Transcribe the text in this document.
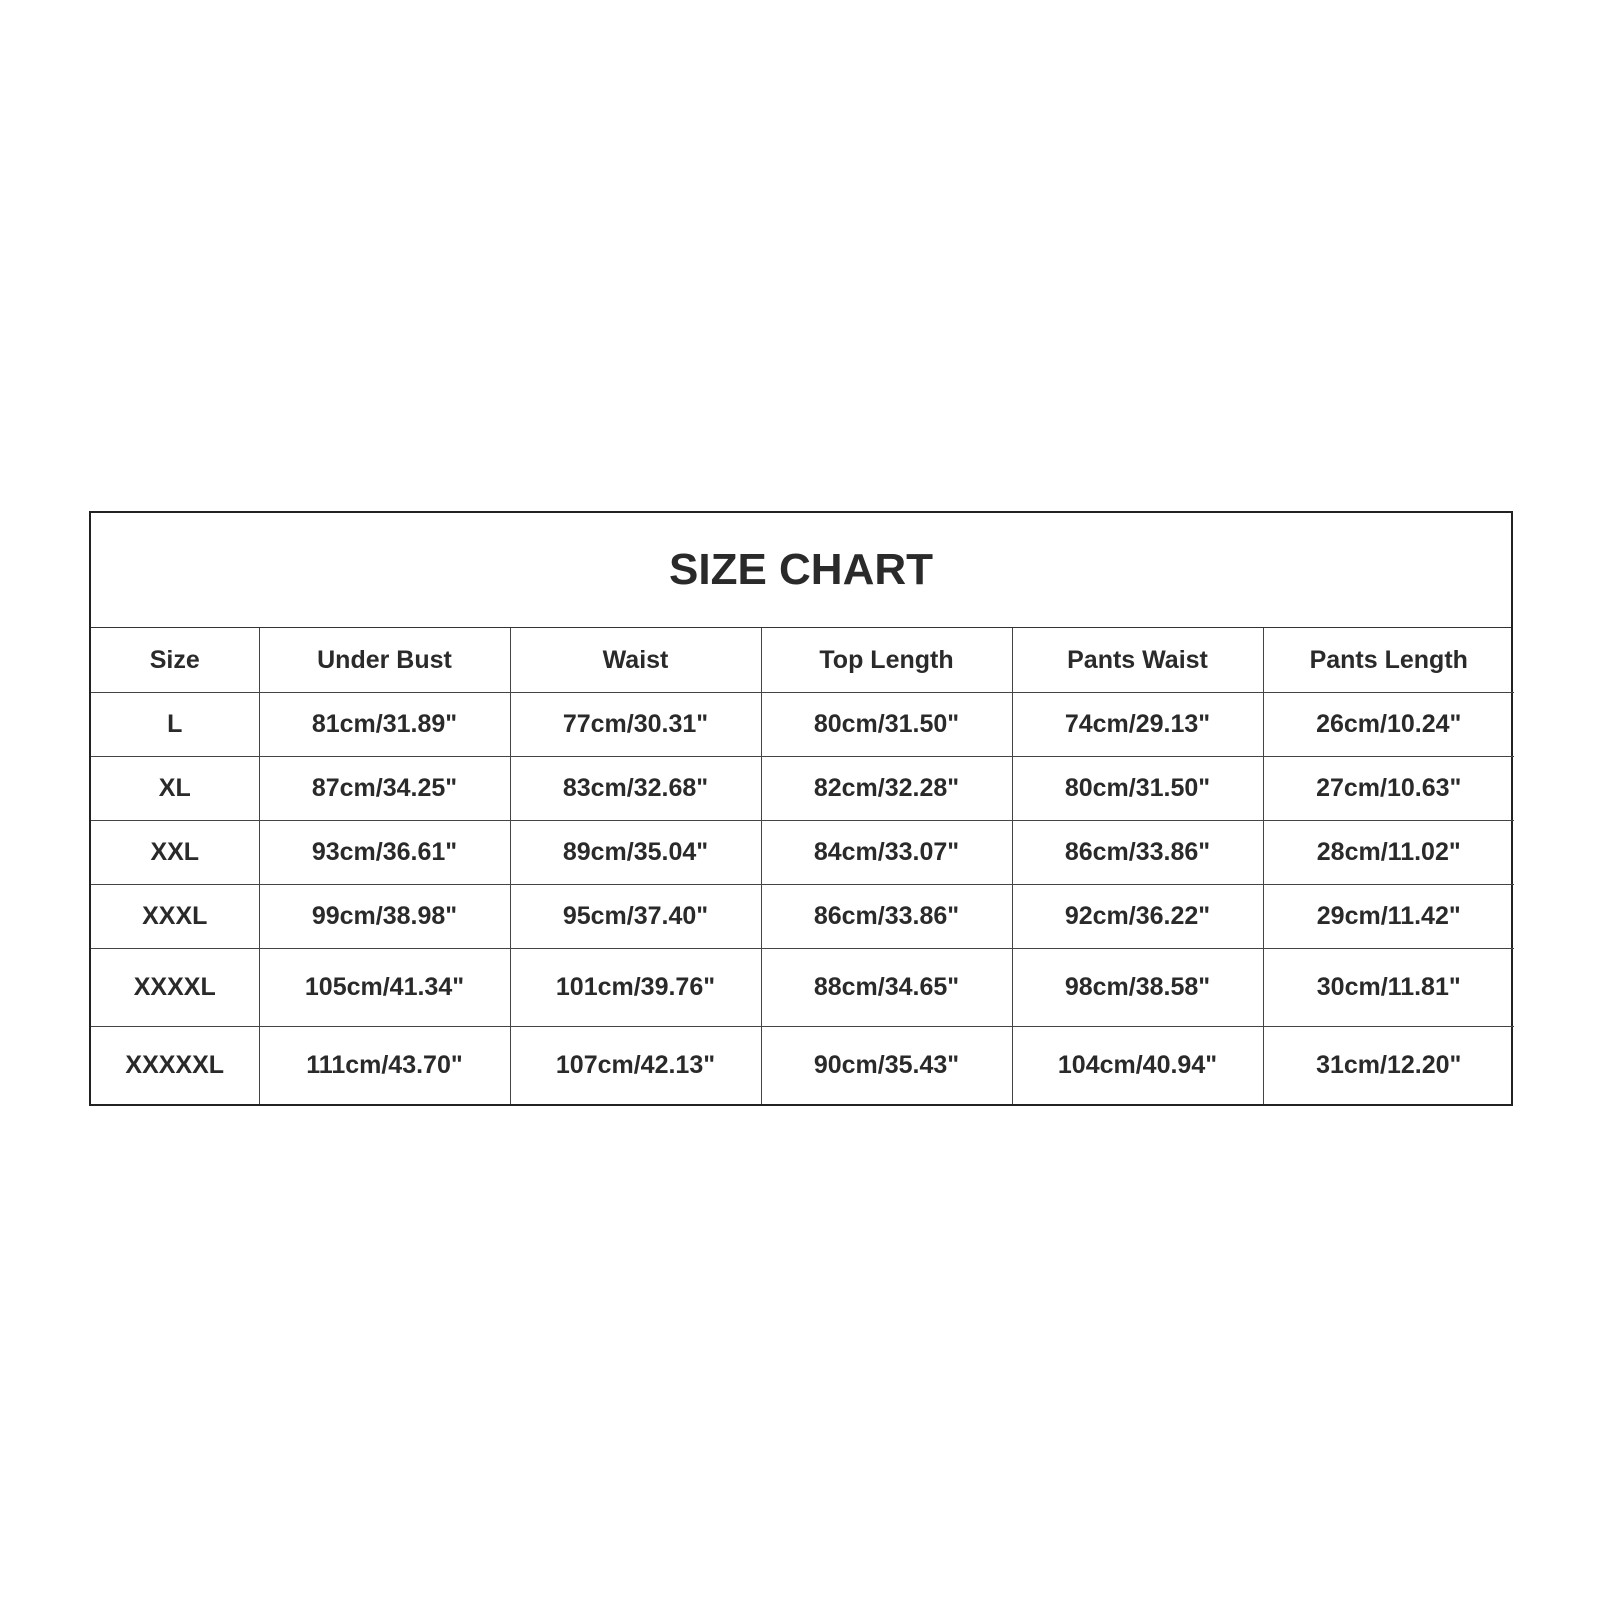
SIZE CHART
Size	Under Bust	Waist	Top Length	Pants Waist	Pants Length
L	81cm/31.89"	77cm/30.31"	80cm/31.50"	74cm/29.13"	26cm/10.24"
XL	87cm/34.25"	83cm/32.68"	82cm/32.28"	80cm/31.50"	27cm/10.63"
XXL	93cm/36.61"	89cm/35.04"	84cm/33.07"	86cm/33.86"	28cm/11.02"
XXXL	99cm/38.98"	95cm/37.40"	86cm/33.86"	92cm/36.22"	29cm/11.42"
XXXXL	105cm/41.34"	101cm/39.76"	88cm/34.65"	98cm/38.58"	30cm/11.81"
XXXXXL	111cm/43.70"	107cm/42.13"	90cm/35.43"	104cm/40.94"	31cm/12.20"
